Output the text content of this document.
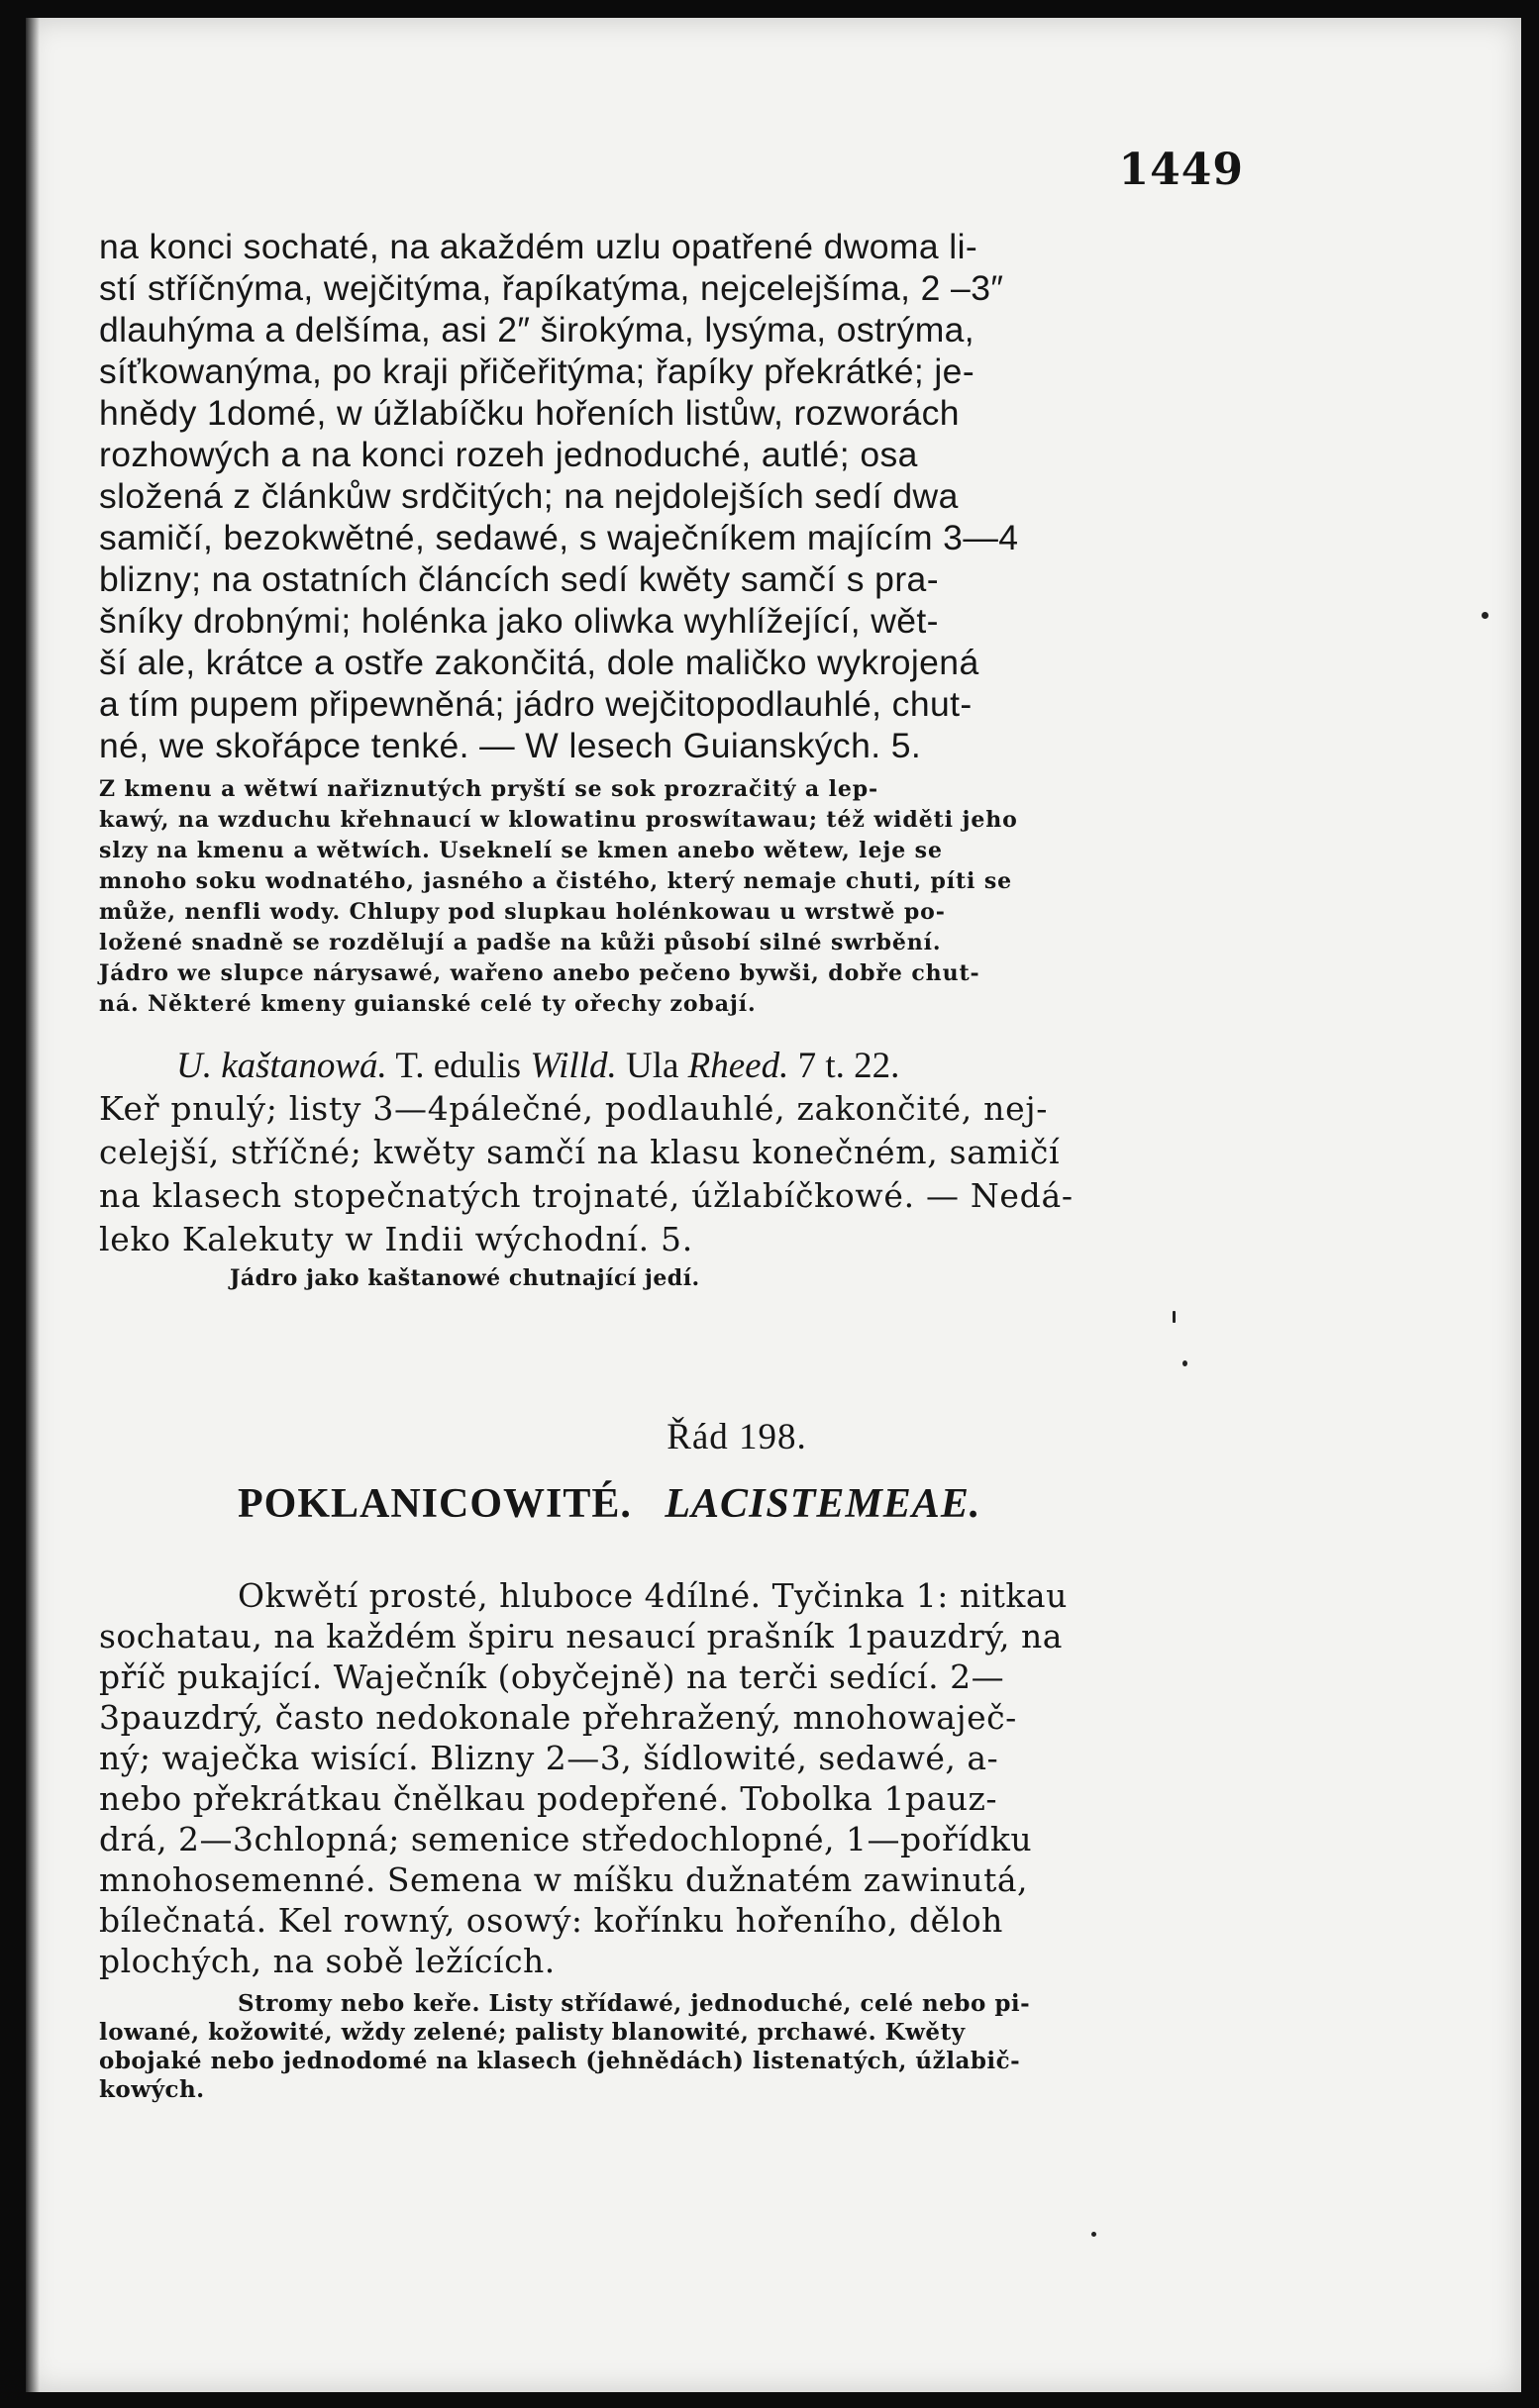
1449

na konci sochaté, na akaždém uzlu opatřené dwoma li-
stí stříčnýma, wejčitýma, řapíkatýma, nejcelejšíma, 2 –3″
dlauhýma a delšíma, asi 2″ širokýma, lysýma, ostrýma,
síťkowanýma, po kraji přičeřitýma; řapíky překrátké; je-
hnědy 1domé, w úžlabíčku hořeních listůw, rozworách
rozhowých a na konci rozeh jednoduché, autlé; osa
složená z článkůw srdčitých; na nejdolejších sedí dwa
samičí, bezokwětné, sedawé, s waječníkem majícím 3—4
blizny; na ostatních článcích sedí kwěty samčí s pra-
šníky drobnými; holénka jako oliwka wyhlížející, wět-
ší ale, krátce a ostře zakončitá, dole maličko wykrojená
a tím pupem připewněná; jádro wejčitopodlauhlé, chut-
né, we skořápce tenké. — W lesech Guianských. 5.

Z kmenu a wětwí nařiznutých pryští se sok prozračitý a lep-
kawý, na wzduchu křehnaucí w klowatinu proswítawau; též widěti jeho
slzy na kmenu a wětwích. Useknelí se kmen anebo wětew, leje se
mnoho soku wodnatého, jasného a čistého, který nemaje chuti, píti se
může, nenfli wody. Chlupy pod slupkau holénkowau u wrstwě po-
ložené snadně se rozdělují a padše na kůži působí silné swrbění.
Jádro we slupce nárysawé, wařeno anebo pečeno bywši, dobře chut-
ná. Některé kmeny guianské celé ty ořechy zobají.

U. kaštanowá. T. edulis Willd. Ula Rheed. 7 t. 22.

Keř pnulý; listy 3—4pálečné, podlauhlé, zakončité, nej-
celejší, stříčné; kwěty samčí na klasu konečném, samičí
na klasech stopečnatých trojnaté, úžlabíčkowé. — Nedá-
leko Kalekuty w Indii wýchodní. 5.

Jádro jako kaštanowé chutnající jedí.

Řád 198.

POKLANICOWITÉ. LACISTEMEAE.

Okwětí prosté, hluboce 4dílné. Tyčinka 1: nitkau
sochatau, na každém špiru nesaucí prašník 1pauzdrý, na
příč pukající. Waječník (obyčejně) na terči sedící. 2—
3pauzdrý, často nedokonale přehražený, mnohowaječ-
ný; waječka wisící. Blizny 2—3, šídlowité, sedawé, a-
nebo překrátkau čnělkau podepřené. Tobolka 1pauz-
drá, 2—3chlopná; semenice středochlopné, 1—pořídku
mnohosemenné. Semena w míšku dužnatém zawinutá,
bílečnatá. Kel rowný, osowý: kořínku hořeního, děloh
plochých, na sobě ležících.

Stromy nebo keře. Listy střídawé, jednoduché, celé nebo pi-
lowané, kožowité, wždy zelené; palisty blanowité, prchawé. Kwěty
obojaké nebo jednodomé na klasech (jehnědách) listenatých, úžlabič-
kowých.
